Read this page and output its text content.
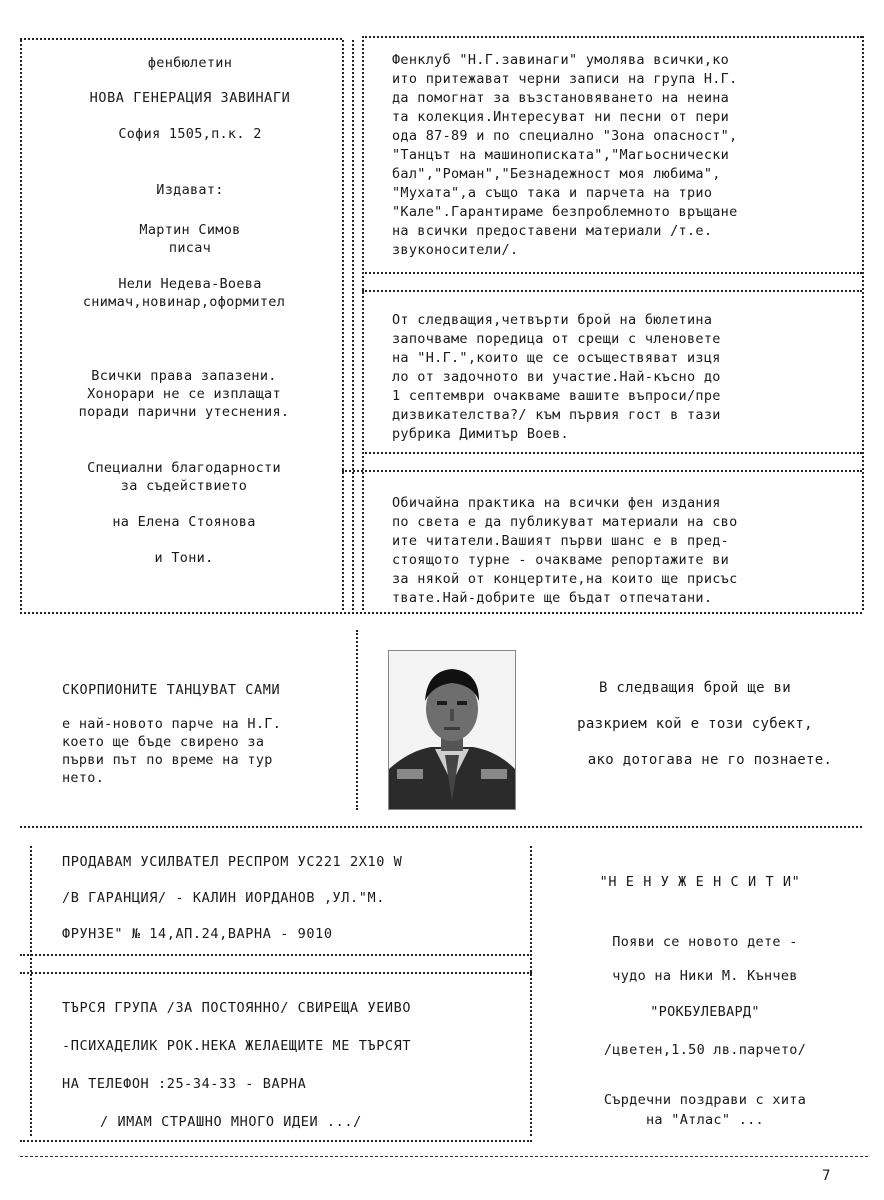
фенбюлетин
НОВА ГЕНЕРАЦИЯ ЗАВИНАГИ
София 1505,п.к. 2
Издават:
Мартин Симов
писач
Нели Недева-Воева
снимач,новинар,оформител
Всички права запазени.
Хонорари не се изплащат
поради парични утеснения.
Специални благодарности
за съдействието
на Елена Стоянова
и Тони.
Фенклуб "Н.Г.завинаги" умолява всички,ко
ито притежават черни записи на група Н.Г.
да помогнат за възстановяването на неина
та колекция.Интересуват ни песни от пери
ода 87-89 и по специално "Зона опасност",
"Танцът на машинописката","Магьоснически
бал","Роман","Безнадежност моя любима",
"Мухата",а също така и парчета на трио
"Кале".Гарантираме безпроблемното връщане
на всички предоставени материали /т.е.
звуконосители/.
От следващия,четвърти брой на бюлетина
започваме поредица от срещи с членовете
на "Н.Г.",които ще се осъществяват изця
ло от задочното ви участие.Най-късно до
1 септември очакваме вашите въпроси/пре
дизвикателства?/ към първия гост в тази
рубрика Димитър Воев.
Обичайна практика на всички фен издания
по света е да публикуват материали на сво
ите читатели.Вашият първи шанс е в пред-
стоящото турне - очакваме репортажите ви
за някой от концертите,на които ще присъс
твате.Най-добрите ще бъдат отпечатани.
СКОРПИОНИТЕ ТАНЦУВАТ САМИ
е най-новото парче на Н.Г.
което ще бъде свирено за
първи път по време на тур
нето.
В следващия брой ще ви
разкрием кой е този субект,
ако дотогава не го познаете.
ПРОДАВАМ УСИЛВАТЕЛ РЕСПРОМ УС221 2Х10 W
/В ГАРАНЦИЯ/ - КАЛИН ИОРДАНОВ ,УЛ."М.
ФРУНЗЕ" № 14,АП.24,ВАРНА - 9010
ТЪРСЯ ГРУПА /ЗА ПОСТОЯННО/ СВИРЕЩА УЕИВО
-ПСИХАДЕЛИК РОК.НЕКА ЖЕЛАЕЩИТЕ МЕ ТЪРСЯТ
НА ТЕЛЕФОН :25-34-33 - ВАРНА
/ ИМАМ СТРАШНО МНОГО ИДЕИ .../
"Н Е Н У Ж Е Н С И Т И"
Появи се новото дете -
чудо на Ники М. Кънчев
"РОКБУЛЕВАРД"
/цветен,1.50 лв.парчето/
Сърдечни поздрави с хита
на "Атлас" ...
7
